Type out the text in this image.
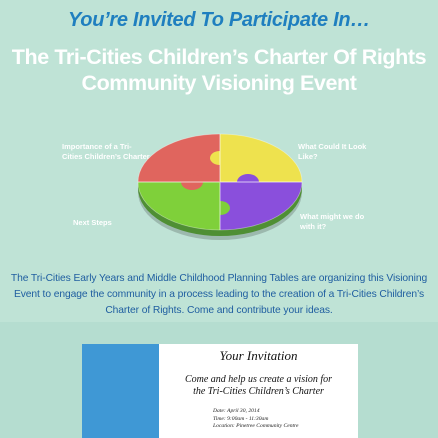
You’re Invited To Participate In…
The Tri-Cities Children’s Charter Of Rights
Community Visioning Event
Importance of a Tri-Cities Children’s Charter
Next Steps
What Could It Look Like?
What might we do with it?
The Tri-Cities Early Years and Middle Childhood Planning Tables are organizing this Visioning Event to engage the community in a process leading to the creation of a Tri-Cities Children’s Charter of Rights. Come and contribute your ideas.
Your Invitation
Come and help us create a vision for
the Tri-Cities Children’s Charter
Date: April 30, 2014
Time: 9:00am - 11:30am
Location: Pinetree Community Centre
